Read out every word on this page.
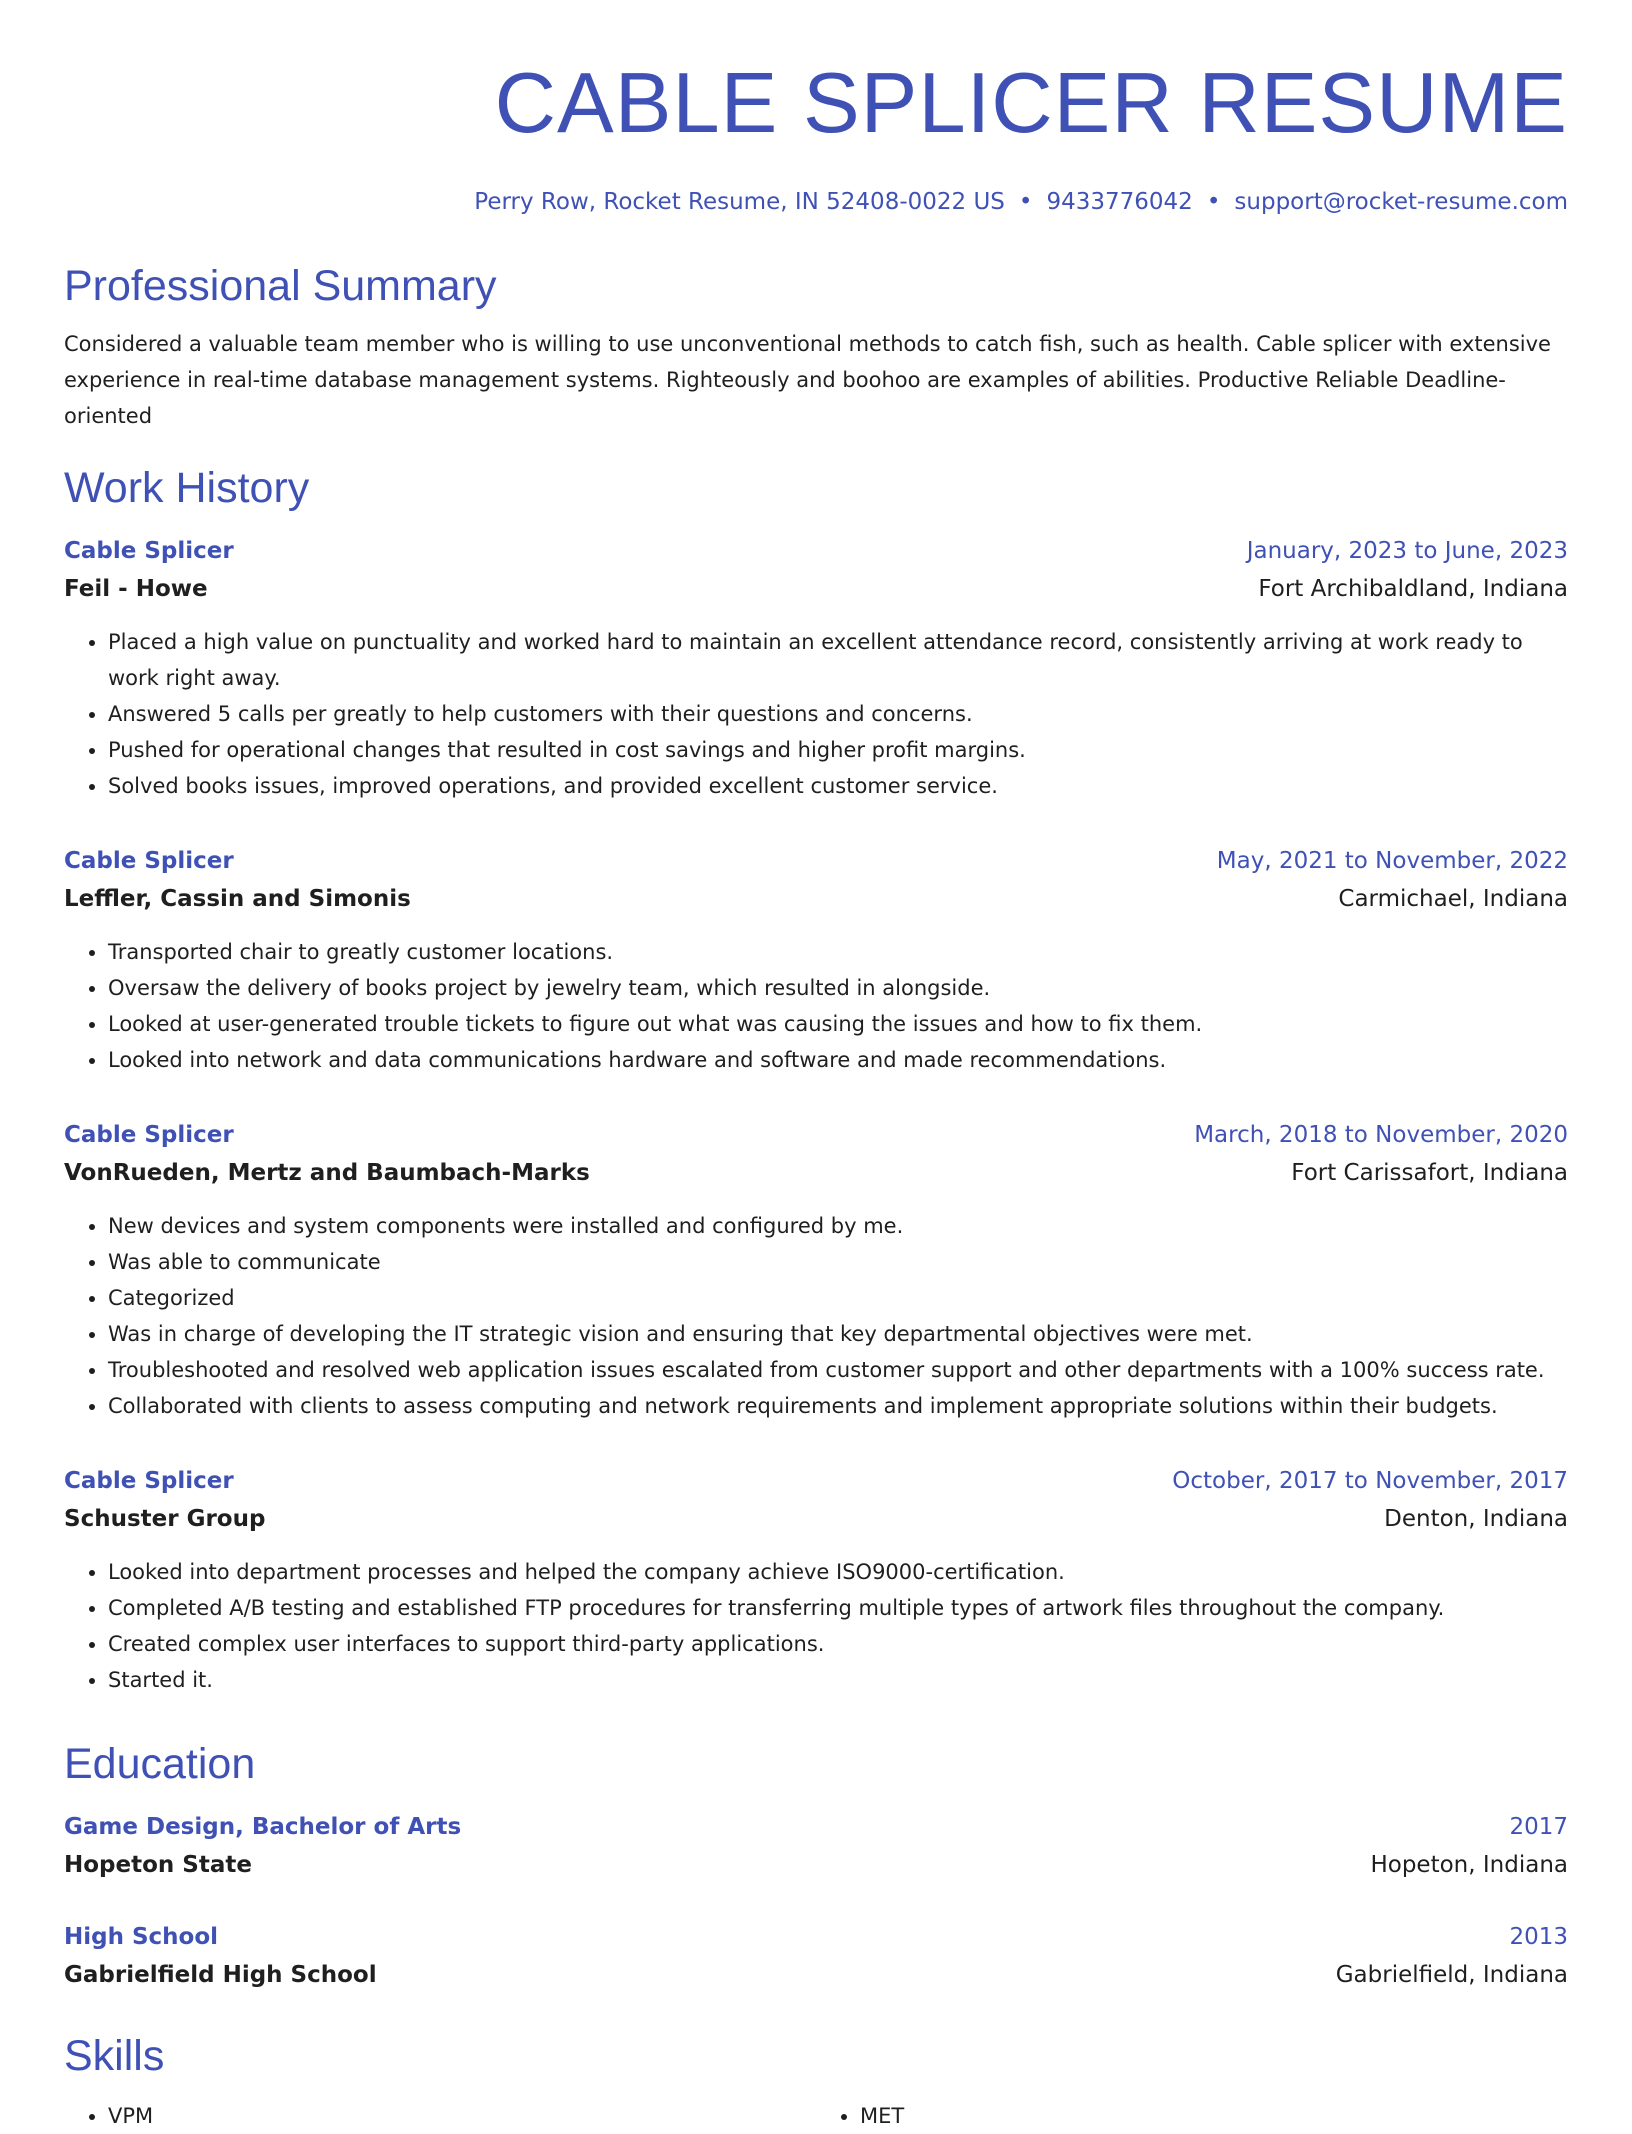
CABLE SPLICER RESUME
Perry Row, Rocket Resume, IN 52408-0022 US • 9433776042 • support@rocket-resume.com
Professional Summary

Considered a valuable team member who is willing to use unconventional methods to catch fish, such as health. Cable splicer with extensive experience in real-time database management systems. Righteously and boohoo are examples of abilities. Productive Reliable Deadline-oriented

Work History
Cable Splicer	January, 2023 to June, 2023
Feil - Howe	Fort Archibaldland, Indiana
• Placed a high value on punctuality and worked hard to maintain an excellent attendance record, consistently arriving at work ready to work right away.
• Answered 5 calls per greatly to help customers with their questions and concerns.
• Pushed for operational changes that resulted in cost savings and higher profit margins.
• Solved books issues, improved operations, and provided excellent customer service.
Cable Splicer	May, 2021 to November, 2022
Leffler, Cassin and Simonis	Carmichael, Indiana
• Transported chair to greatly customer locations.
• Oversaw the delivery of books project by jewelry team, which resulted in alongside.
• Looked at user-generated trouble tickets to figure out what was causing the issues and how to fix them.
• Looked into network and data communications hardware and software and made recommendations.
Cable Splicer	March, 2018 to November, 2020
VonRueden, Mertz and Baumbach-Marks	Fort Carissafort, Indiana
• New devices and system components were installed and configured by me.
• Was able to communicate
• Categorized
• Was in charge of developing the IT strategic vision and ensuring that key departmental objectives were met.
• Troubleshooted and resolved web application issues escalated from customer support and other departments with a 100% success rate.
• Collaborated with clients to assess computing and network requirements and implement appropriate solutions within their budgets.
Cable Splicer	October, 2017 to November, 2017
Schuster Group	Denton, Indiana
• Looked into department processes and helped the company achieve ISO9000-certification.
• Completed A/B testing and established FTP procedures for transferring multiple types of artwork files throughout the company.
• Created complex user interfaces to support third-party applications.
• Started it.
Education
Game Design, Bachelor of Arts	2017
Hopeton State	Hopeton, Indiana
High School	2013
Gabrielfield High School	Gabrielfield, Indiana
Skills
• VPM
•	MET
